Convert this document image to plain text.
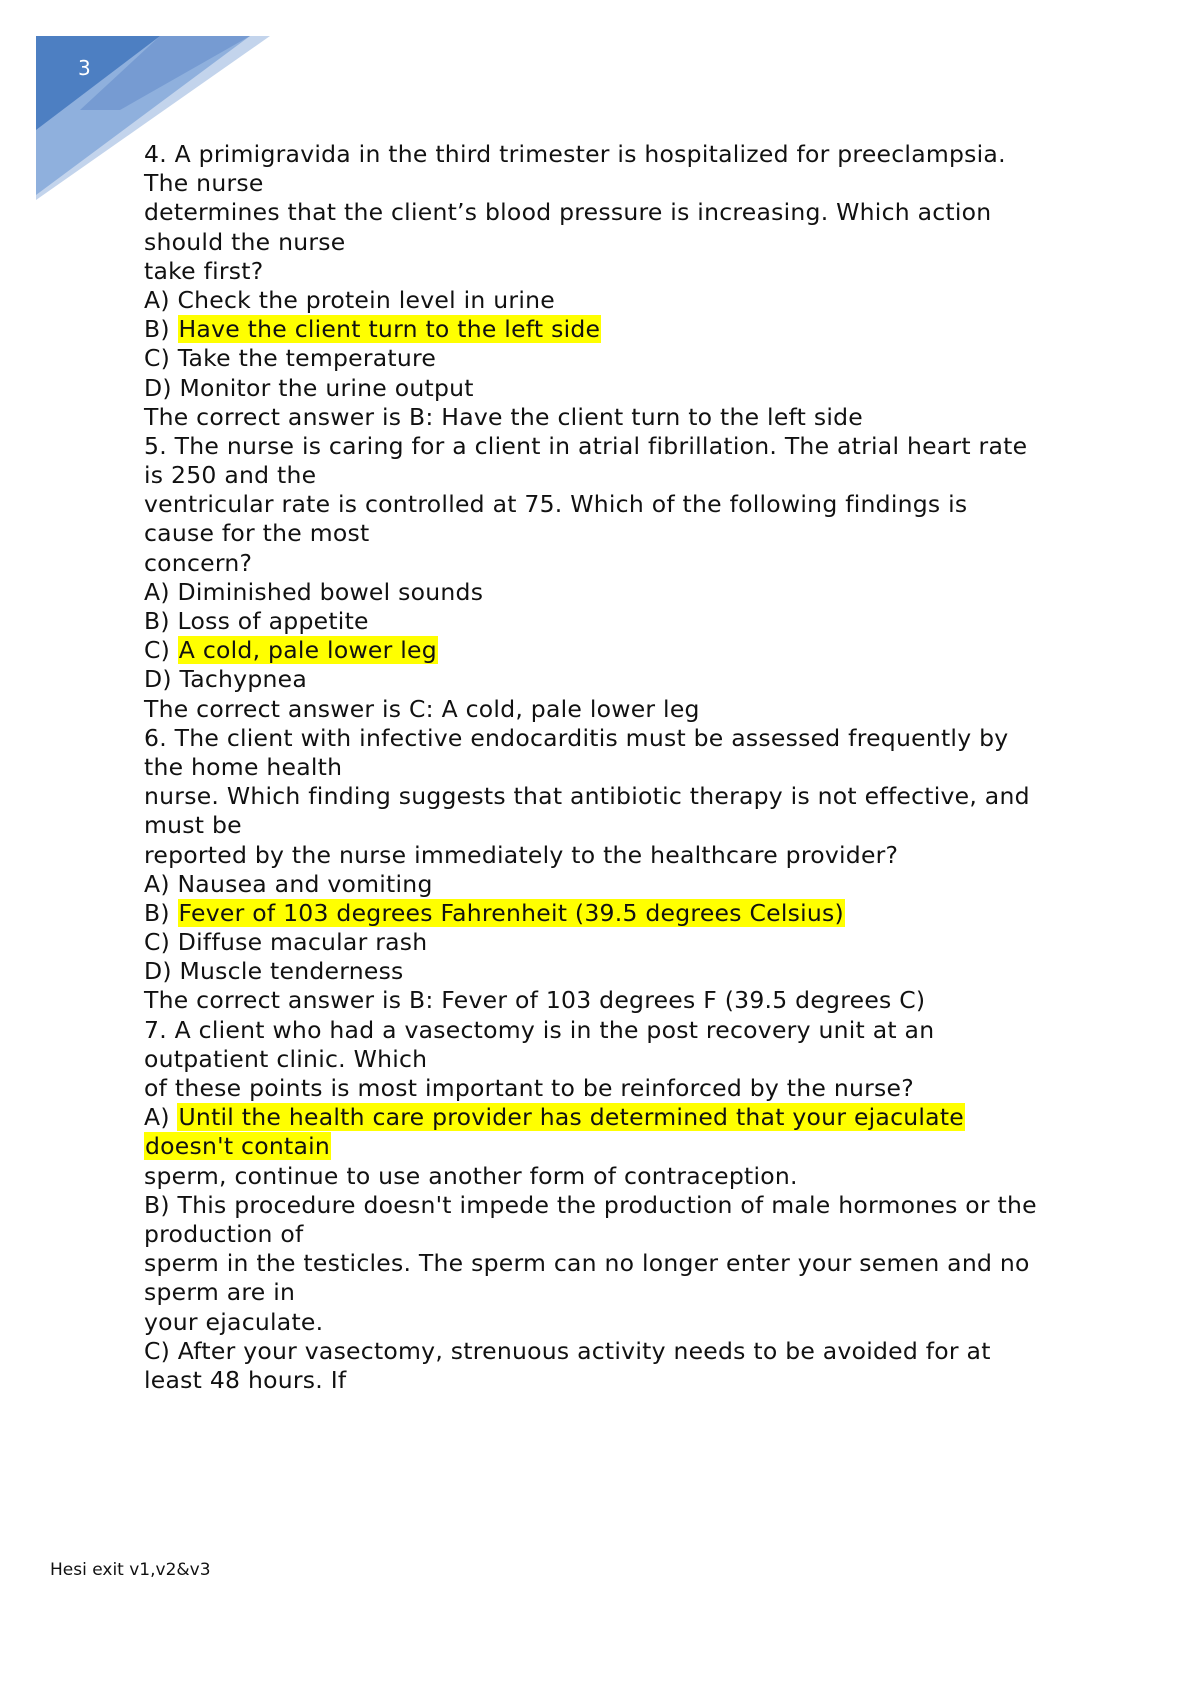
3
4. A primigravida in the third trimester is hospitalized for preeclampsia.
The nurse
determines that the client’s blood pressure is increasing. Which action
should the nurse
take first?
A) Check the protein level in urine
B) Have the client turn to the left side
C) Take the temperature
D) Monitor the urine output
The correct answer is B: Have the client turn to the left side
5. The nurse is caring for a client in atrial fibrillation. The atrial heart rate
is 250 and the
ventricular rate is controlled at 75. Which of the following findings is
cause for the most
concern?
A) Diminished bowel sounds
B) Loss of appetite
C) A cold, pale lower leg
D) Tachypnea
The correct answer is C: A cold, pale lower leg
6. The client with infective endocarditis must be assessed frequently by
the home health
nurse. Which finding suggests that antibiotic therapy is not effective, and
must be
reported by the nurse immediately to the healthcare provider?
A) Nausea and vomiting
B) Fever of 103 degrees Fahrenheit (39.5 degrees Celsius)
C) Diffuse macular rash
D) Muscle tenderness
The correct answer is B: Fever of 103 degrees F (39.5 degrees C)
7. A client who had a vasectomy is in the post recovery unit at an
outpatient clinic. Which
of these points is most important to be reinforced by the nurse?
A) Until the health care provider has determined that your ejaculate
doesn't contain
sperm, continue to use another form of contraception.
B) This procedure doesn't impede the production of male hormones or the
production of
sperm in the testicles. The sperm can no longer enter your semen and no
sperm are in
your ejaculate.
C) After your vasectomy, strenuous activity needs to be avoided for at
least 48 hours. If
Hesi exit v1,v2&v3
